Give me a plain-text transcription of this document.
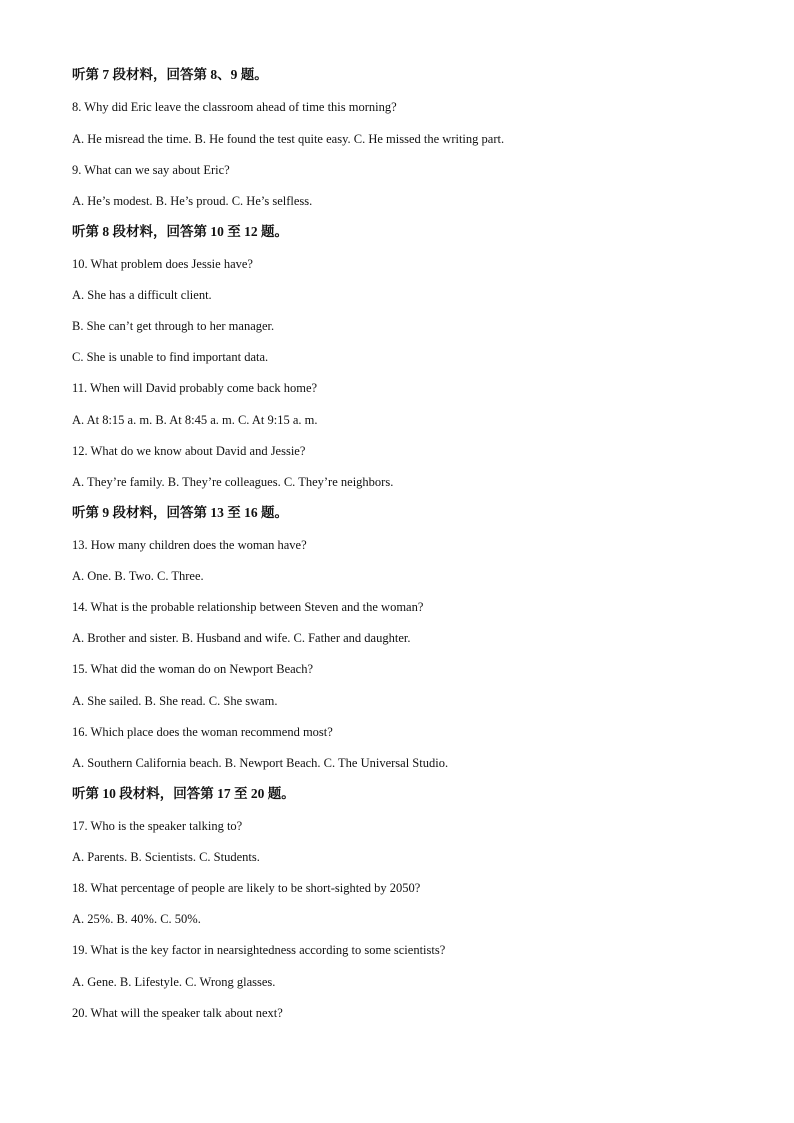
听第 7 段材料，回答第 8、9 题。

8. Why did Eric leave the classroom ahead of time this morning?

A. He misread the time. B. He found the test quite easy. C. He missed the writing part.

9. What can we say about Eric?

A. He’s modest. B. He’s proud. C. He’s selfless.

听第 8 段材料，回答第 10 至 12 题。

10. What problem does Jessie have?

A. She has a difficult client.

B. She can’t get through to her manager.

C. She is unable to find important data.

11. When will David probably come back home?

A. At 8:15 a. m. B. At 8:45 a. m. C. At 9:15 a. m.

12. What do we know about David and Jessie?

A. They’re family. B. They’re colleagues. C. They’re neighbors.

听第 9 段材料，回答第 13 至 16 题。

13. How many children does the woman have?

A. One. B. Two. C. Three.

14. What is the probable relationship between Steven and the woman?

A. Brother and sister. B. Husband and wife. C. Father and daughter.

15. What did the woman do on Newport Beach?

A. She sailed. B. She read. C. She swam.

16. Which place does the woman recommend most?

A. Southern California beach. B. Newport Beach. C. The Universal Studio.

听第 10 段材料，回答第 17 至 20 题。

17. Who is the speaker talking to?

A. Parents. B. Scientists. C. Students.

18. What percentage of people are likely to be short-sighted by 2050?

A. 25%. B. 40%. C. 50%.

19. What is the key factor in nearsightedness according to some scientists?

A. Gene. B. Lifestyle. C. Wrong glasses.

20. What will the speaker talk about next?
